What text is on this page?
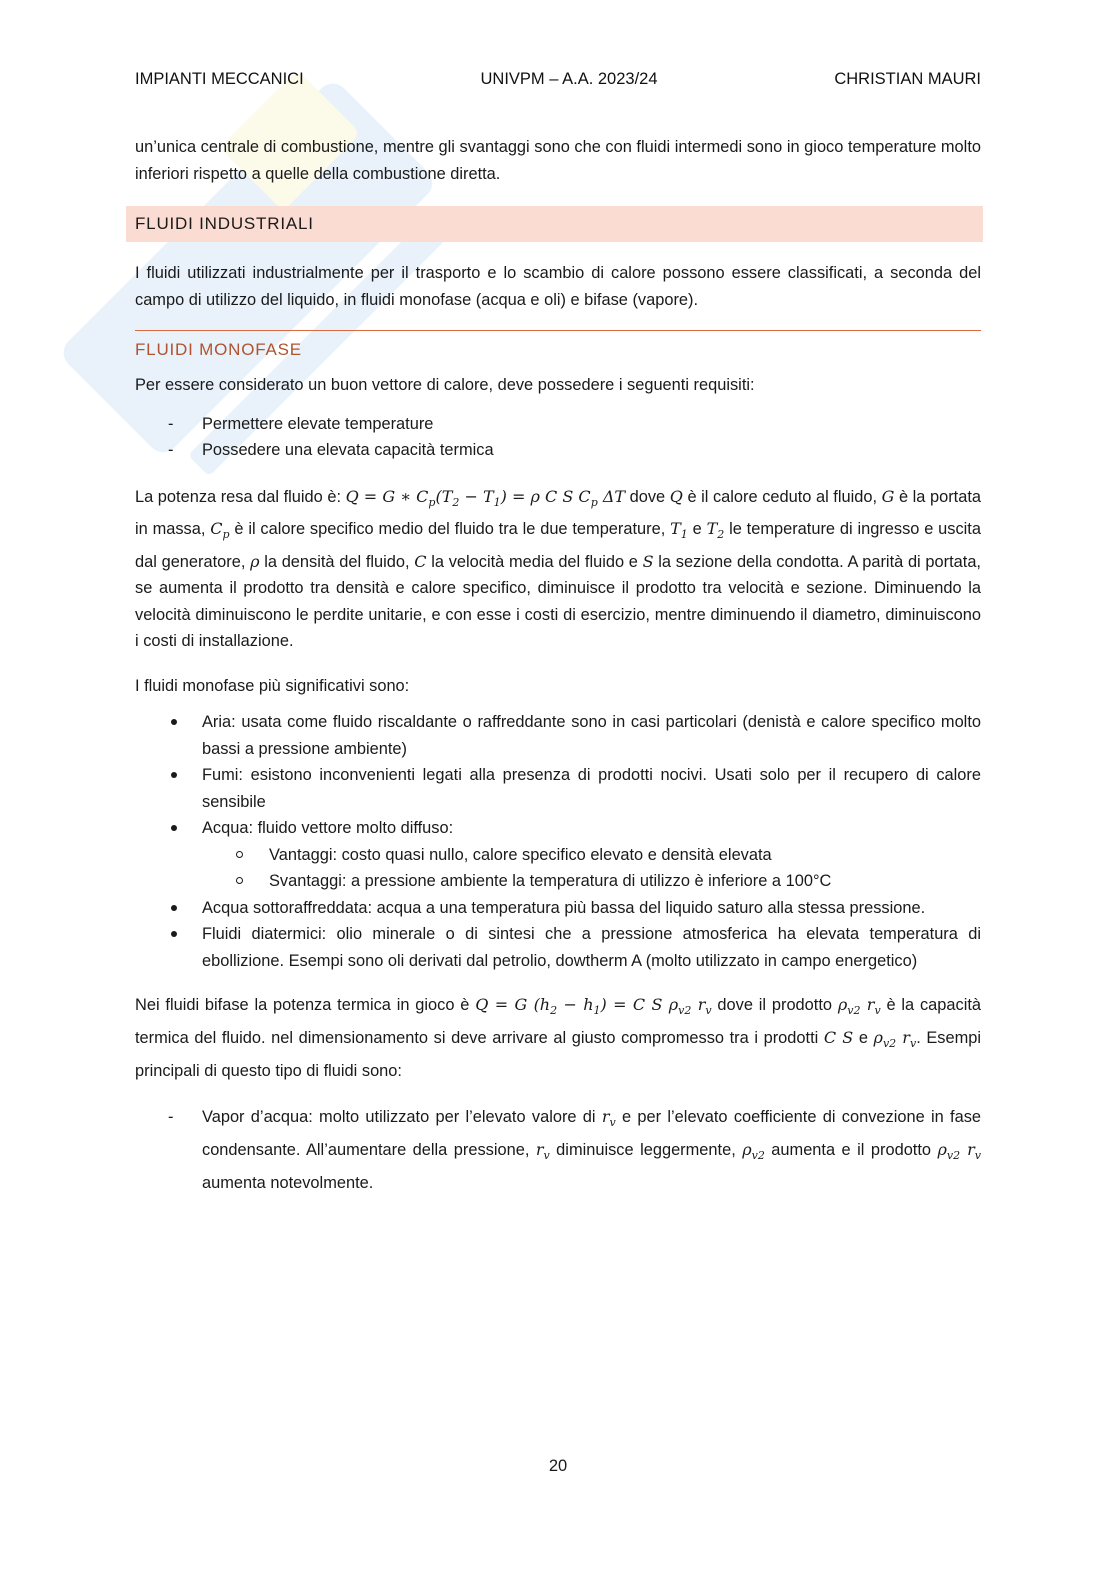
IMPIANTI MECCANICI	UNIVPM – A.A. 2023/24	CHRISTIAN MAURI

un’unica centrale di combustione, mentre gli svantaggi sono che con fluidi intermedi sono in gioco temperature molto inferiori rispetto a quelle della combustione diretta.

FLUIDI INDUSTRIALI

I fluidi utilizzati industrialmente per il trasporto e lo scambio di calore possono essere classificati, a seconda del campo di utilizzo del liquido, in fluidi monofase (acqua e oli) e bifase (vapore).

FLUIDI MONOFASE

Per essere considerato un buon vettore di calore, deve possedere i seguenti requisiti:

- Permettere elevate temperature
- Possedere una elevata capacità termica

La potenza resa dal fluido è: Q = G ∗ $C_p(T_2 - T_1) = \rho$ C S $C_p$ ΔT dove Q è il calore ceduto al fluido, G è la portata in massa, $C_p$ è il calore specifico medio del fluido tra le due temperature, $T_1$ e $T_2$ le temperature di ingresso e uscita dal generatore, ρ la densità del fluido, C la velocità media del fluido e S la sezione della condotta. A parità di portata, se aumenta il prodotto tra densità e calore specifico, diminuisce il prodotto tra velocità e sezione. Diminuendo la velocità diminuiscono le perdite unitarie, e con esse i costi di esercizio, mentre diminuendo il diametro, diminuiscono i costi di installazione.

I fluidi monofase più significativi sono:

Aria: usata come fluido riscaldante o raffreddante sono in casi particolari (denistà e calore specifico molto bassi a pressione ambiente)
Fumi: esistono inconvenienti legati alla presenza di prodotti nocivi. Usati solo per il recupero di calore sensibile
Acqua: fluido vettore molto diffuso:
Vantaggi: costo quasi nullo, calore specifico elevato e densità elevata
Svantaggi: a pressione ambiente la temperatura di utilizzo è inferiore a 100°C
Acqua sottoraffreddata: acqua a una temperatura più bassa del liquido saturo alla stessa pressione.
Fluidi diatermici: olio minerale o di sintesi che a pressione atmosferica ha elevata temperatura di ebollizione. Esempi sono oli derivati dal petrolio, dowtherm A (molto utilizzato in campo energetico)

Nei fluidi bifase la potenza termica in gioco è Q = G $(h_2 - h_1) = C$ S $\rho_{v2}$ $r_v$ dove il prodotto $\rho_{v2}$ $r_v$ è la capacità termica del fluido. nel dimensionamento si deve arrivare al giusto compromesso tra i prodotti C S e $\rho_{v2}$ $r_v$. Esempi principali di questo tipo di fluidi sono:

- Vapor d’acqua: molto utilizzato per l’elevato valore di $r_v$ e per l’elevato coefficiente di convezione in fase condensante. All’aumentare della pressione, $r_v$ diminuisce leggermente, $\rho_{v2}$ aumenta e il prodotto $\rho_{v2}$ $r_v$ aumenta notevolmente.
20
